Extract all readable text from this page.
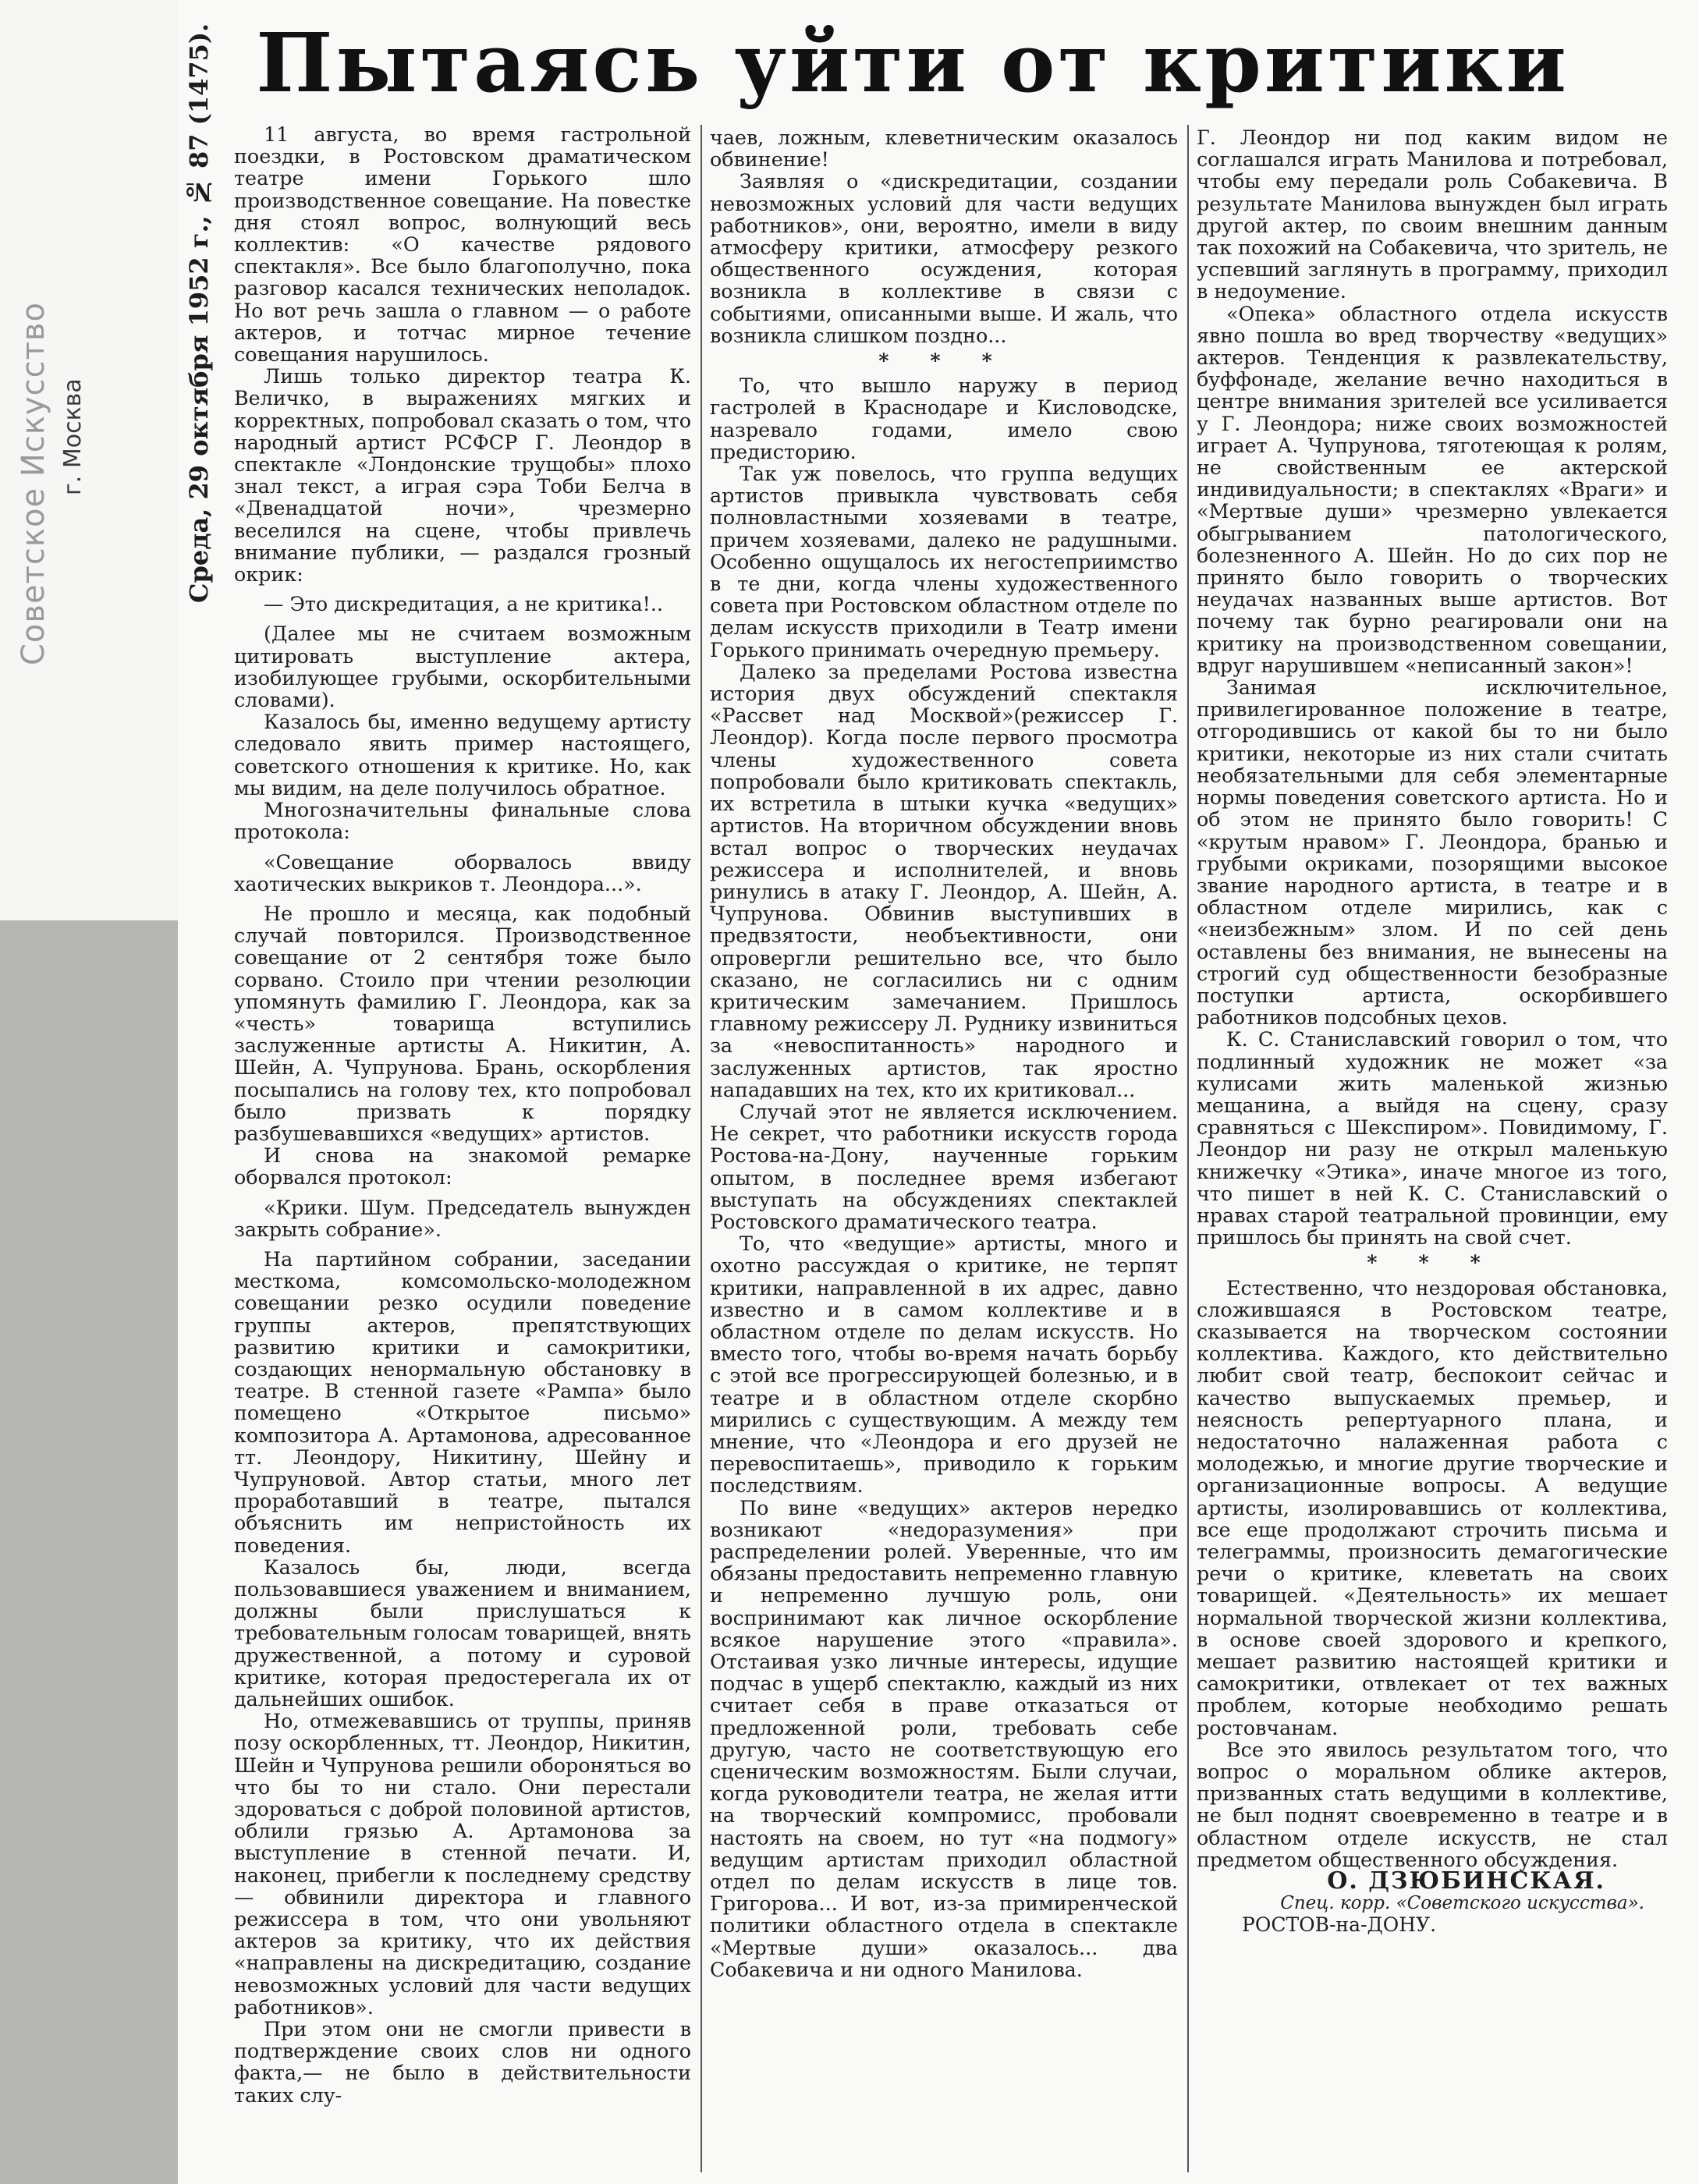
Советское Искусство г. Москва	Среда, 29 октября 1952 г., № 87 (1475). Пытаясь уйти от критики

11 августа, во время гастрольной поездки, в Ростовском драматическом театре имени Горького шло производственное совещание. На повестке дня стоял вопрос, волнующий весь коллектив: «О качестве рядового спектакля». Все было благополучно, пока разговор касался технических неполадок. Но вот речь зашла о главном — о работе актеров, и тотчас мирное течение совещания нарушилось.

Лишь только директор театра К. Величко, в выражениях мягких и корректных, попробовал сказать о том, что народный артист РСФСР Г. Леондор в спектакле «Лондонские трущобы» плохо знал текст, а играя сэра Тоби Белча в «Двенадцатой ночи», чрезмерно веселился на сцене, чтобы привлечь внимание публики, — раздался грозный окрик:

— Это дискредитация, а не критика!..

(Далее мы не считаем возможным цитировать выступление актера, изобилующее грубыми, оскорбительными словами).

Казалось бы, именно ведущему артисту следовало явить пример настоящего, советского отношения к критике. Но, как мы видим, на деле получилось обратное.

Многозначительны финальные слова протокола:

«Совещание оборвалось ввиду хаотических выкриков т. Леондора...».

Не прошло и месяца, как подобный случай повторился. Производственное совещание от 2 сентября тоже было сорвано. Стоило при чтении резолюции упомянуть фамилию Г. Леондора, как за «честь» товарища вступились заслуженные артисты А. Никитин, А. Шейн, А. Чупрунова. Брань, оскорбления посыпались на голову тех, кто попробовал было призвать к порядку разбушевавшихся «ведущих» артистов.

И снова на знакомой ремарке оборвался протокол:

«Крики. Шум. Председатель вынужден закрыть собрание».

На партийном собрании, заседании месткома, комсомольско-молодежном совещании резко осудили поведение группы актеров, препятствующих развитию критики и самокритики, создающих ненормальную обстановку в театре. В стенной газете «Рампа» было помещено «Открытое письмо» композитора А. Артамонова, адресованное тт. Леондору, Никитину, Шейну и Чупруновой. Автор статьи, много лет проработавший в театре, пытался объяснить им непристойность их поведения.

Казалось бы, люди, всегда пользовавшиеся уважением и вниманием, должны были прислушаться к требовательным голосам товарищей, внять дружественной, а потому и суровой критике, которая предостерегала их от дальнейших ошибок.

Но, отмежевавшись от труппы, приняв позу оскорбленных, тт. Леондор, Никитин, Шейн и Чупрунова решили обороняться во что бы то ни стало. Они перестали здороваться с доброй половиной артистов, облили грязью А. Артамонова за выступление в стенной печати. И, наконец, прибегли к последнему средству — обвинили директора и главного режиссера в том, что они увольняют актеров за критику, что их действия «направлены на дискредитацию, создание невозможных условий для части ведущих работников».

При этом они не смогли привести в подтверждение своих слов ни одного факта,— не было в действительности таких слу-

чаев, ложным, клеветническим оказалось обвинение!

Заявляя о «дискредитации, создании невозможных условий для части ведущих работников», они, вероятно, имели в виду атмосферу критики, атмосферу резкого общественного осуждения, которая возникла в коллективе в связи с событиями, описанными выше. И жаль, что возникла слишком поздно...

* * *

То, что вышло наружу в период гастролей в Краснодаре и Кисловодске, назревало годами, имело свою предисторию.

Так уж повелось, что группа ведущих артистов привыкла чувствовать себя полновластными хозяевами в театре, причем хозяевами, далеко не радушными. Особенно ощущалось их негостеприимство в те дни, когда члены художественного совета при Ростовском областном отделе по делам искусств приходили в Театр имени Горького принимать очередную премьеру.

Далеко за пределами Ростова известна история двух обсуждений спектакля «Рассвет над Москвой»(режиссер Г. Леондор). Когда после первого просмотра члены художественного совета попробовали было критиковать спектакль, их встретила в штыки кучка «ведущих» артистов. На вторичном обсуждении вновь встал вопрос о творческих неудачах режиссера и исполнителей, и вновь ринулись в атаку Г. Леондор, А. Шейн, А. Чупрунова. Обвинив выступивших в предвзятости, необъективности, они опровергли решительно все, что было сказано, не согласились ни с одним критическим замечанием. Пришлось главному режиссеру Л. Руднику извиниться за «невоспитанность» народного и заслуженных артистов, так яростно нападавших на тех, кто их критиковал...

Случай этот не является исключением. Не секрет, что работники искусств города Ростова-на-Дону, наученные горьким опытом, в последнее время избегают выступать на обсуждениях спектаклей Ростовского драматического театра.

То, что «ведущие» артисты, много и охотно рассуждая о критике, не терпят критики, направленной в их адрес, давно известно и в самом коллективе и в областном отделе по делам искусств. Но вместо того, чтобы во-время начать борьбу с этой все прогрессирующей болезнью, и в театре и в областном отделе скорбно мирились с существующим. А между тем мнение, что «Леондора и его друзей не перевоспитаешь», приводило к горьким последствиям.

По вине «ведущих» актеров нередко возникают «недоразумения» при распределении ролей. Уверенные, что им обязаны предоставить непременно главную и непременно лучшую роль, они воспринимают как личное оскорбление всякое нарушение этого «правила». Отстаивая узко личные интересы, идущие подчас в ущерб спектаклю, каждый из них считает себя в праве отказаться от предложенной роли, требовать себе другую, часто не соответствующую его сценическим возможностям. Были случаи, когда руководители театра, не желая итти на творческий компромисс, пробовали настоять на своем, но тут «на подмогу» ведущим артистам приходил областной отдел по делам искусств в лице тов. Григорова... И вот, из-за примиренческой политики областного отдела в спектакле «Мертвые души» оказалось... два Собакевича и ни одного Манилова.

Г. Леондор ни под каким видом не соглашался играть Манилова и потребовал, чтобы ему передали роль Собакевича. В результате Манилова вынужден был играть другой актер, по своим внешним данным так похожий на Собакевича, что зритель, не успевший заглянуть в программу, приходил в недоумение.

«Опека» областного отдела искусств явно пошла во вред творчеству «ведущих» актеров. Тенденция к развлекательству, буффонаде, желание вечно находиться в центре внимания зрителей все усиливается у Г. Леондора; ниже своих возможностей играет А. Чупрунова, тяготеющая к ролям, не свойственным ее актерской индивидуальности; в спектаклях «Враги» и «Мертвые души» чрезмерно увлекается обыгрыванием патологического, болезненного А. Шейн. Но до сих пор не принято было говорить о творческих неудачах названных выше артистов. Вот почему так бурно реагировали они на критику на производственном совещании, вдруг нарушившем «неписанный закон»!

Занимая исключительное, привилегированное положение в театре, отгородившись от какой бы то ни было критики, некоторые из них стали считать необязательными для себя элементарные нормы поведения советского артиста. Но и об этом не принято было говорить! С «крутым нравом» Г. Леондора, бранью и грубыми окриками, позорящими высокое звание народного артиста, в театре и в областном отделе мирились, как с «неизбежным» злом. И по сей день оставлены без внимания, не вынесены на строгий суд общественности безобразные поступки артиста, оскорбившего работников подсобных цехов.

К. С. Станиславский говорил о том, что подлинный художник не может «за кулисами жить маленькой жизнью мещанина, а выйдя на сцену, сразу сравняться с Шекспиром». Повидимому, Г. Леондор ни разу не открыл маленькую книжечку «Этика», иначе многое из того, что пишет в ней К. С. Станиславский о нравах старой театральной провинции, ему пришлось бы принять на свой счет.

* * *

Естественно, что нездоровая обстановка, сложившаяся в Ростовском театре, сказывается на творческом состоянии коллектива. Каждого, кто действительно любит свой театр, беспокоит сейчас и качество выпускаемых премьер, и неясность репертуарного плана, и недостаточно налаженная работа с молодежью, и многие другие творческие и организационные вопросы. А ведущие артисты, изолировавшись от коллектива, все еще продолжают строчить письма и телеграммы, произносить демагогические речи о критике, клеветать на своих товарищей. «Деятельность» их мешает нормальной творческой жизни коллектива, в основе своей здорового и крепкого, мешает развитию настоящей критики и самокритики, отвлекает от тех важных проблем, которые необходимо решать ростовчанам.

Все это явилось результатом того, что вопрос о моральном облике актеров, призванных стать ведущими в коллективе, не был поднят своевременно в театре и в областном отделе искусств, не стал предметом общественного обсуждения.

О. ДЗЮБИНСКАЯ.

Спец. корр. «Советского искусства».

РОСТОВ-на-ДОНУ.
